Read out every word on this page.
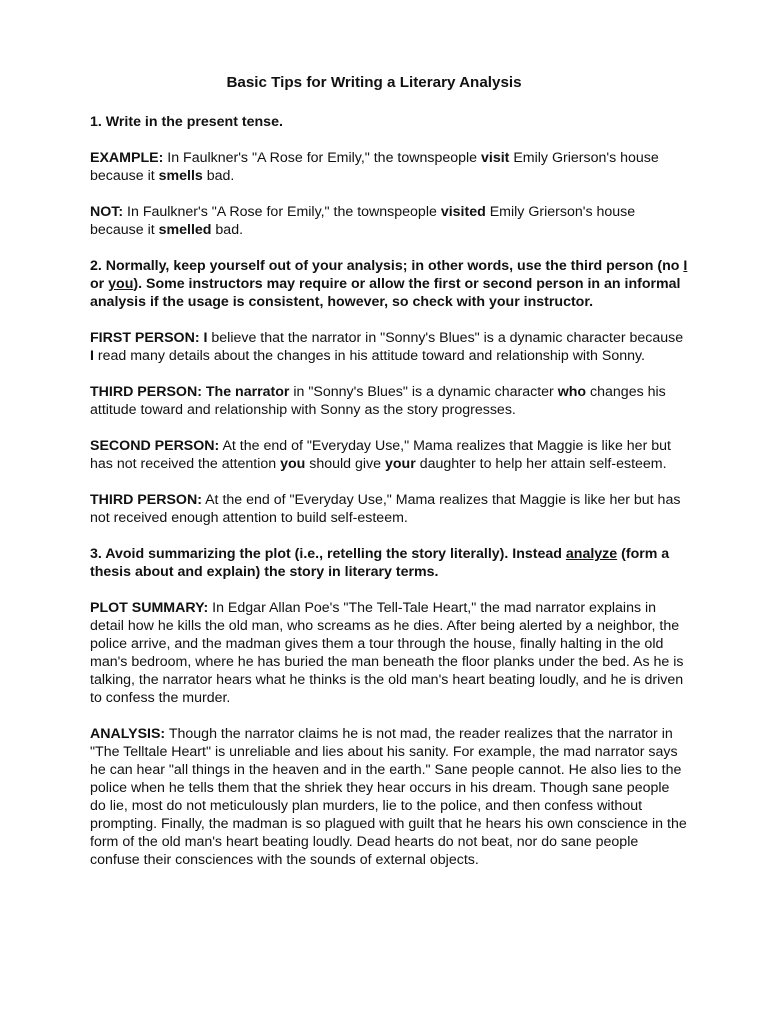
Basic Tips for Writing a Literary Analysis
1. Write in the present tense.
EXAMPLE: In Faulkner's "A Rose for Emily," the townspeople visit Emily Grierson's house because it smells bad.
NOT: In Faulkner's "A Rose for Emily," the townspeople visited Emily Grierson's house because it smelled bad.
2. Normally, keep yourself out of your analysis; in other words, use the third person (no I or you). Some instructors may require or allow the first or second person in an informal analysis if the usage is consistent, however, so check with your instructor.
FIRST PERSON: I believe that the narrator in "Sonny's Blues" is a dynamic character because I read many details about the changes in his attitude toward and relationship with Sonny.
THIRD PERSON: The narrator in "Sonny's Blues" is a dynamic character who changes his attitude toward and relationship with Sonny as the story progresses.
SECOND PERSON: At the end of "Everyday Use," Mama realizes that Maggie is like her but has not received the attention you should give your daughter to help her attain self-esteem.
THIRD PERSON: At the end of "Everyday Use," Mama realizes that Maggie is like her but has not received enough attention to build self-esteem.
3. Avoid summarizing the plot (i.e., retelling the story literally). Instead analyze (form a thesis about and explain) the story in literary terms.
PLOT SUMMARY: In Edgar Allan Poe's "The Tell-Tale Heart," the mad narrator explains in detail how he kills the old man, who screams as he dies. After being alerted by a neighbor, the police arrive, and the madman gives them a tour through the house, finally halting in the old man's bedroom, where he has buried the man beneath the floor planks under the bed. As he is talking, the narrator hears what he thinks is the old man's heart beating loudly, and he is driven to confess the murder.
ANALYSIS: Though the narrator claims he is not mad, the reader realizes that the narrator in "The Telltale Heart" is unreliable and lies about his sanity. For example, the mad narrator says he can hear "all things in the heaven and in the earth." Sane people cannot. He also lies to the police when he tells them that the shriek they hear occurs in his dream. Though sane people do lie, most do not meticulously plan murders, lie to the police, and then confess without prompting. Finally, the madman is so plagued with guilt that he hears his own conscience in the form of the old man's heart beating loudly. Dead hearts do not beat, nor do sane people confuse their consciences with the sounds of external objects.
